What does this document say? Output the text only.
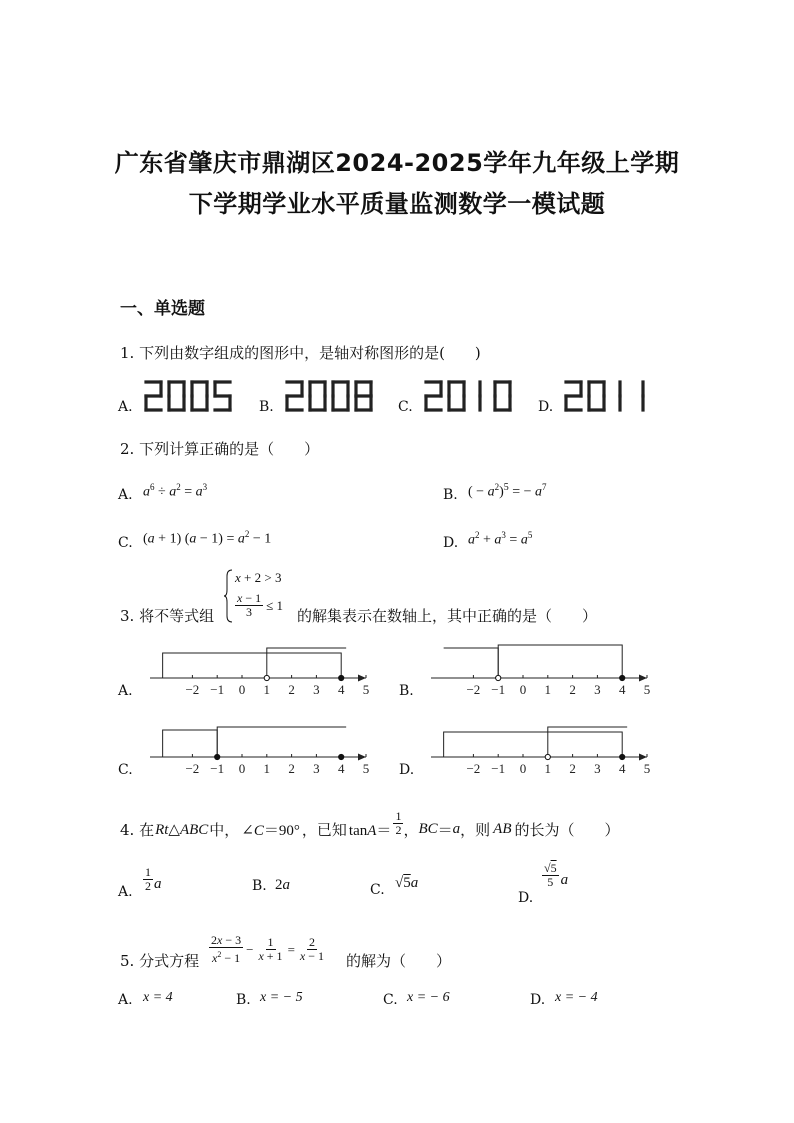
广东省肇庆市鼎湖区2024-2025学年九年级上学期
下学期学业水平质量监测数学一模试题
一、单选题
1. 下列由数字组成的图形中，是轴对称图形的是(　　)
A.	B.	C.	D.
2. 下列计算正确的是（　　）
A. $a^6 \div a^2 = a^3$	B. ( − $a^2)^5$ = − $a^7$
C. (a + 1) $(a - 1) = a^2 - 1$	D. $a^2 + a^3 = a^5$
3. 将不等式组
x + 2 > 3
$\frac{x - 1}{3} \le 1$
的解集表示在数轴上，其中正确的是（　　）
A.	−2 −1 0 1 2 3 4 5 B.	−2 −1 0 1 2 3 4 5
C.	−2 −1 0 1 2 3 4 5 D.	−2 −1 0 1 2 3 4 5
4. 在 Rt△ABC 中， ∠C＝90° ，已知 $\tan A= \frac{1}{2}$ ， BC ＝ a ，则 AB 的长为（　　）
A. $\frac{1}{2}$ a	B. 2a	C. √5a
D.
$\frac{√5}{5}$ a
5. 分式方程 $\frac{2x - 3}{x^2 - 1} - \frac{1}{x + 1} = \frac{2}{x - 1}$ 的解为（　　）
A. x = 4	B. x = − 5	C. x = − 6	D. x = − 4
